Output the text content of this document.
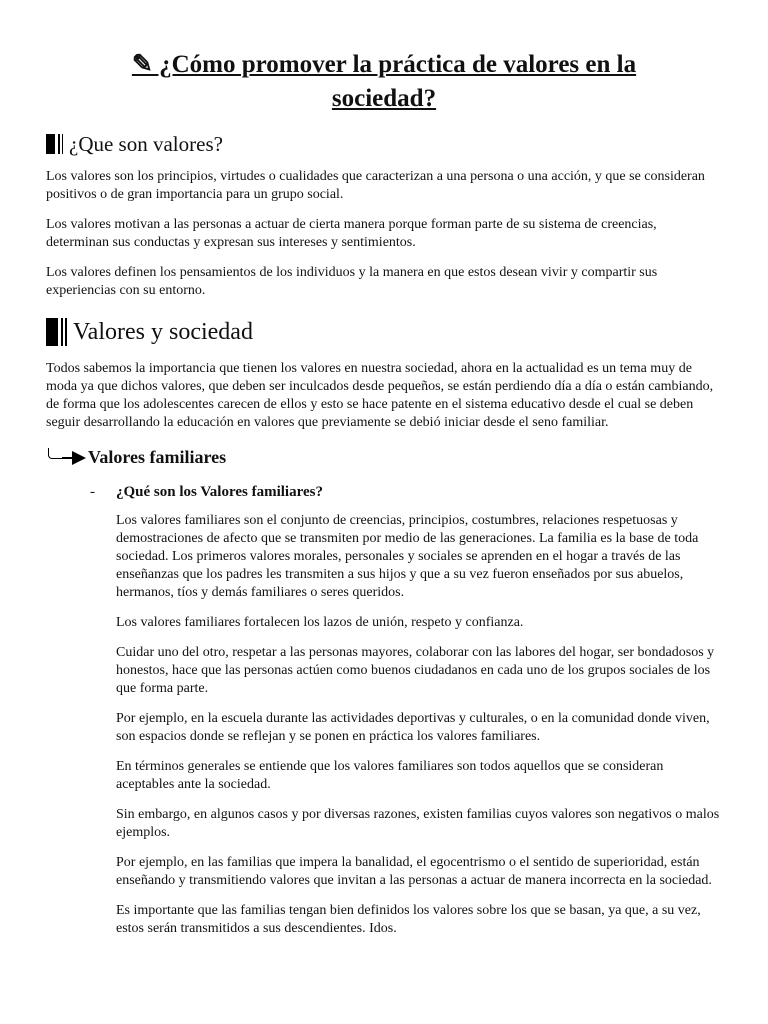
✎ ¿Cómo promover la práctica de valores en la
sociedad?
¿Que son valores?

Los valores son los principios, virtudes o cualidades que caracterizan a una persona o una acción, y que se consideran positivos o de gran importancia para un grupo social.

Los valores motivan a las personas a actuar de cierta manera porque forman parte de su sistema de creencias, determinan sus conductas y expresan sus intereses y sentimientos.

Los valores definen los pensamientos de los individuos y la manera en que estos desean vivir y compartir sus experiencias con su entorno.

Valores y sociedad

Todos sabemos la importancia que tienen los valores en nuestra sociedad, ahora en la actualidad es un tema muy de moda ya que dichos valores, que deben ser inculcados desde pequeños, se están perdiendo día a día o están cambiando, de forma que los adolescentes carecen de ellos y esto se hace patente en el sistema educativo desde el cual se deben seguir desarrollando la educación en valores que previamente se debió iniciar desde el seno familiar.

Valores familiares
-	¿Qué son los Valores familiares?

Los valores familiares son el conjunto de creencias, principios, costumbres, relaciones respetuosas y demostraciones de afecto que se transmiten por medio de las generaciones. La familia es la base de toda sociedad. Los primeros valores morales, personales y sociales se aprenden en el hogar a través de las enseñanzas que los padres les transmiten a sus hijos y que a su vez fueron enseñados por sus abuelos, hermanos, tíos y demás familiares o seres queridos.

Los valores familiares fortalecen los lazos de unión, respeto y confianza.

Cuidar uno del otro, respetar a las personas mayores, colaborar con las labores del hogar, ser bondadosos y honestos, hace que las personas actúen como buenos ciudadanos en cada uno de los grupos sociales de los que forma parte.

Por ejemplo, en la escuela durante las actividades deportivas y culturales, o en la comunidad donde viven, son espacios donde se reflejan y se ponen en práctica los valores familiares.

En términos generales se entiende que los valores familiares son todos aquellos que se consideran aceptables ante la sociedad.

Sin embargo, en algunos casos y por diversas razones, existen familias cuyos valores son negativos o malos ejemplos.

Por ejemplo, en las familias que impera la banalidad, el egocentrismo o el sentido de superioridad, están enseñando y transmitiendo valores que invitan a las personas a actuar de manera incorrecta en la sociedad.

Es importante que las familias tengan bien definidos los valores sobre los que se basan, ya que, a su vez, estos serán transmitidos a sus descendientes. Idos.
